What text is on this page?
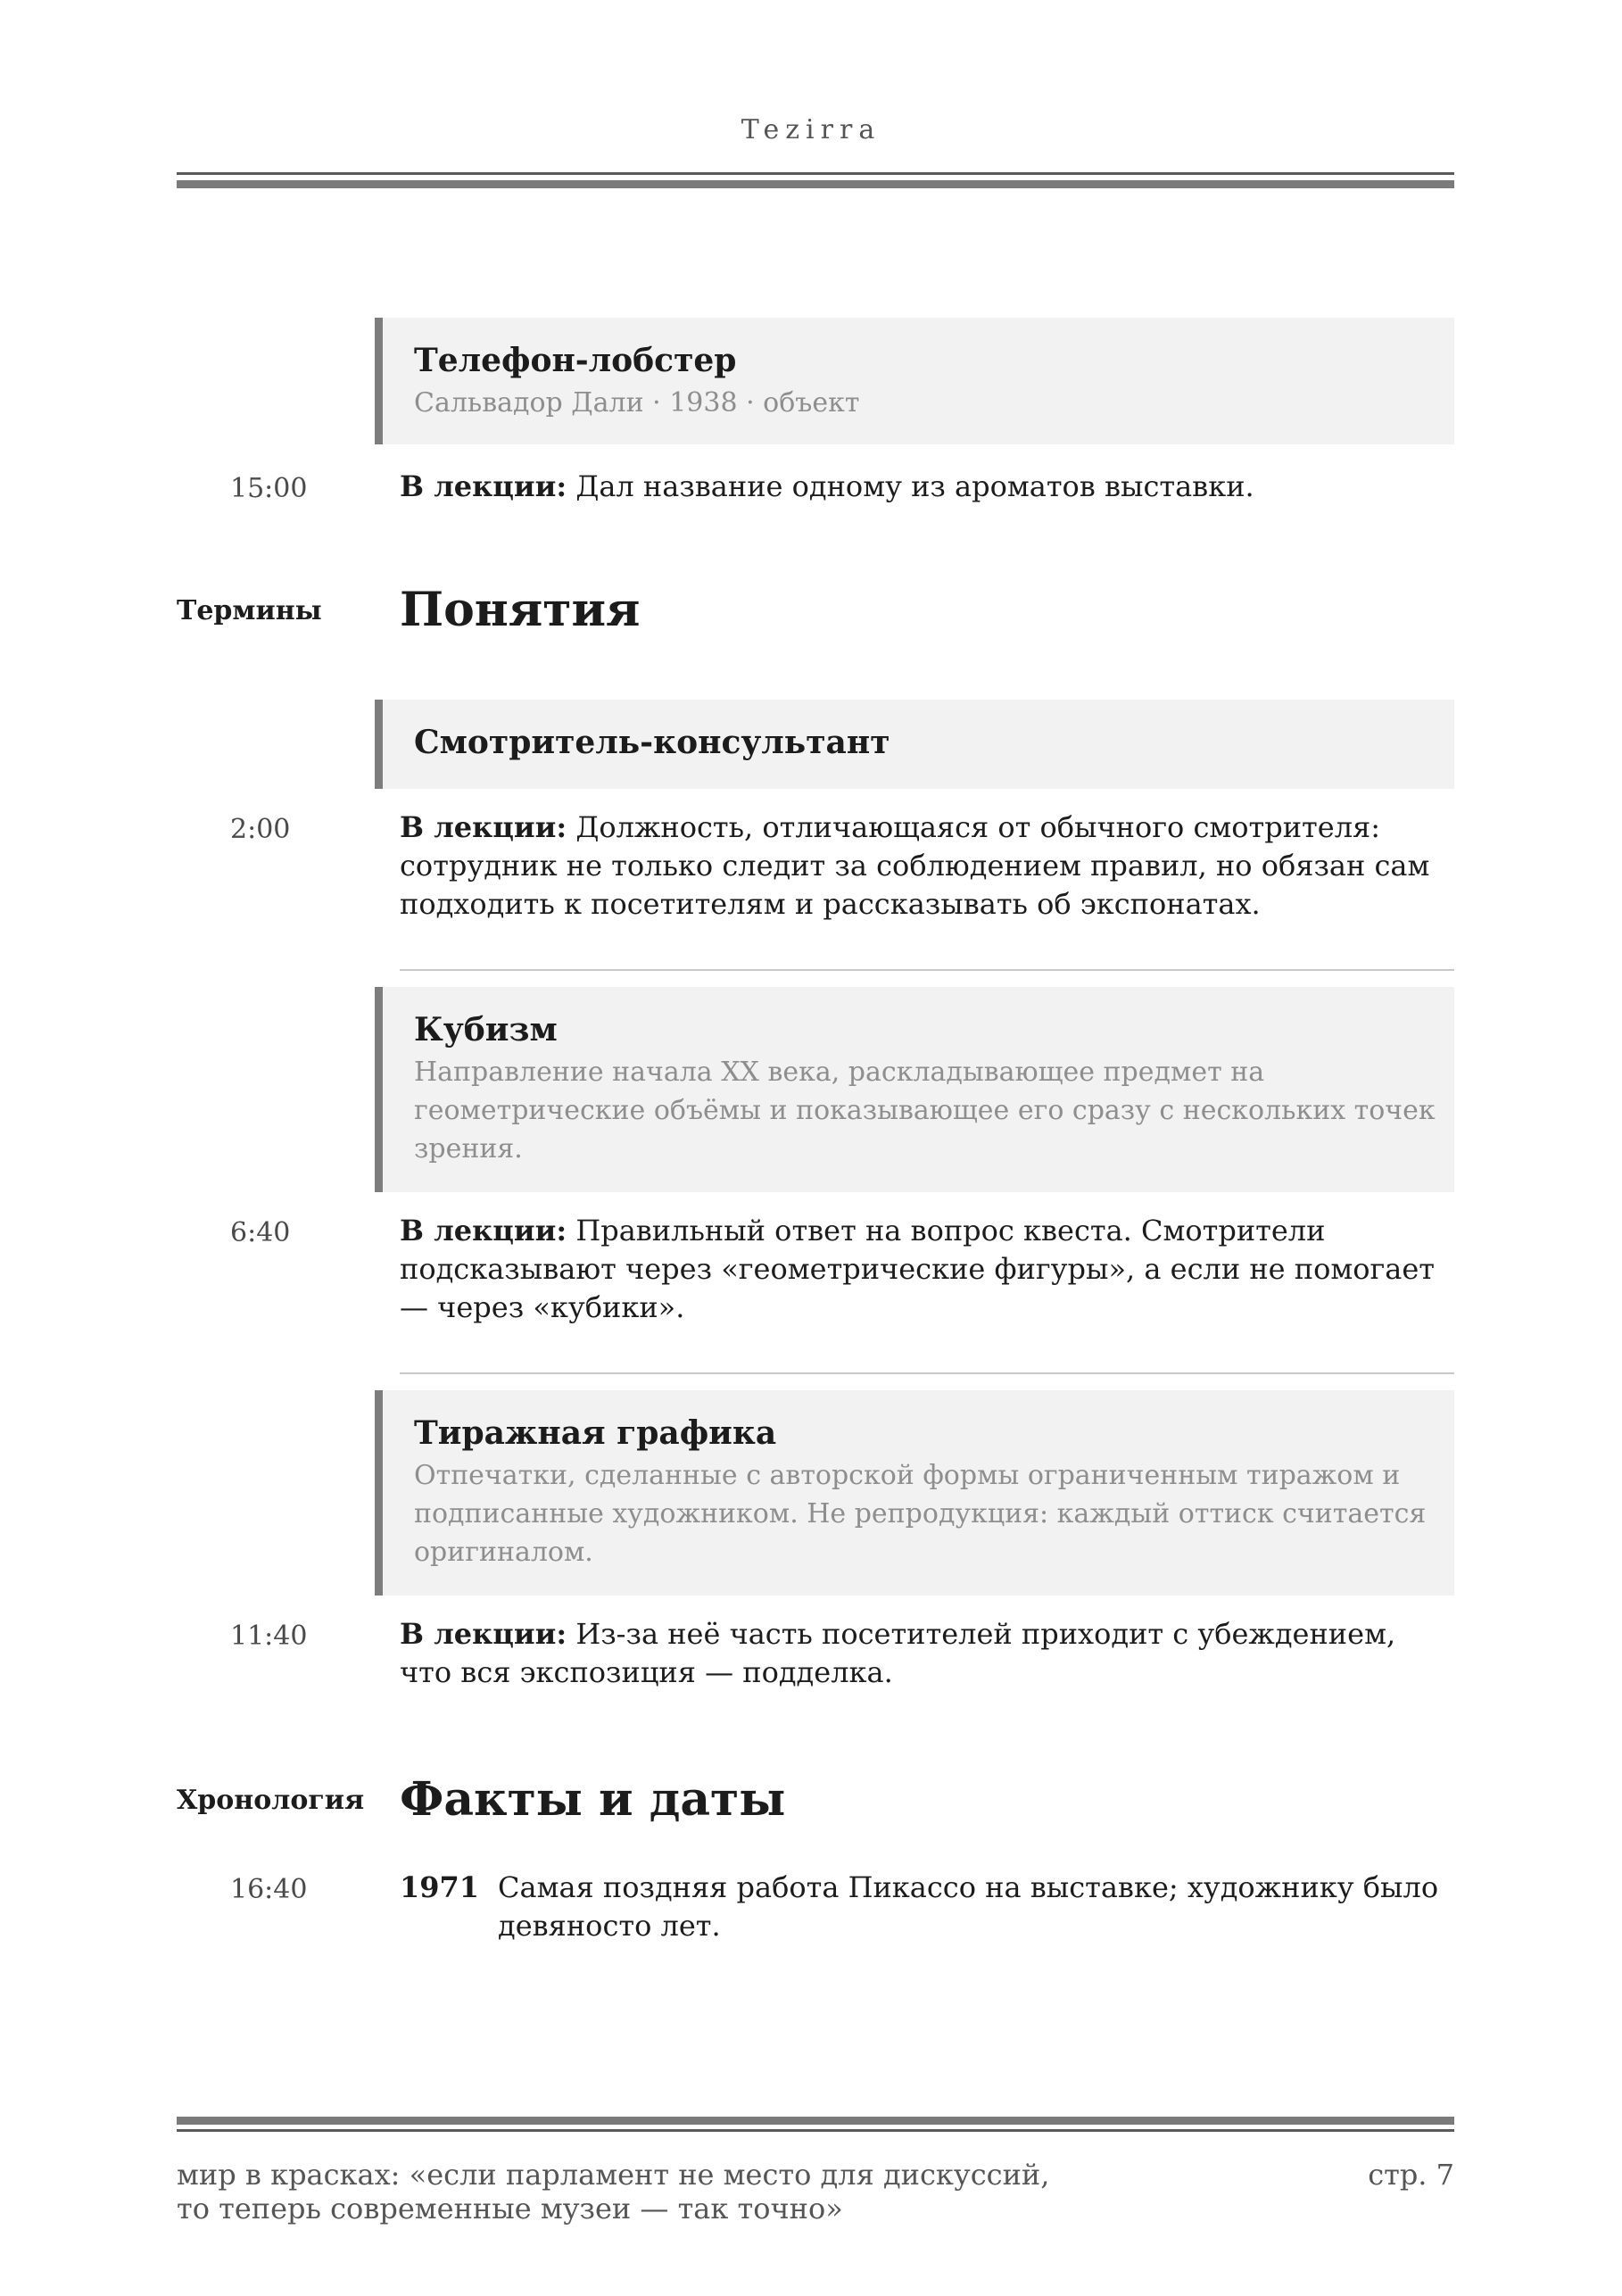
Tezirra
Телефон-лобстер
Сальвадор Дали · 1938 · объект
15:00	В лекции: Дал название одному из ароматов выставки.
Термины Понятия
Смотритель-консультант
2:00	В лекции: Должность, отличающаяся от обычного смотрителя: сотрудник не только следит за соблюдением правил, но обязан сам подходить к посетителям и рассказывать об экспонатах.
Кубизм
Направление начала XX века, раскладывающее предмет на геометрические объёмы и показывающее его сразу с нескольких точек зрения.
6:40	В лекции: Правильный ответ на вопрос квеста. Смотрители подсказывают через «геометрические фигуры», а если не помогает — через «кубики».
Тиражная графика
Отпечатки, сделанные с авторской формы ограниченным тиражом и подписанные художником. Не репродукция: каждый оттиск считается оригиналом.
11:40	В лекции: Из-за неё часть посетителей приходит с убеждением, что вся экспозиция — подделка.
Хронология Факты и даты
16:40	1971 Самая поздняя работа Пикассо на выставке; художнику было девяносто лет.
мир в красках: «если парламент не место для дискуссий,
то теперь современные музеи — так точно»
стр. 7
